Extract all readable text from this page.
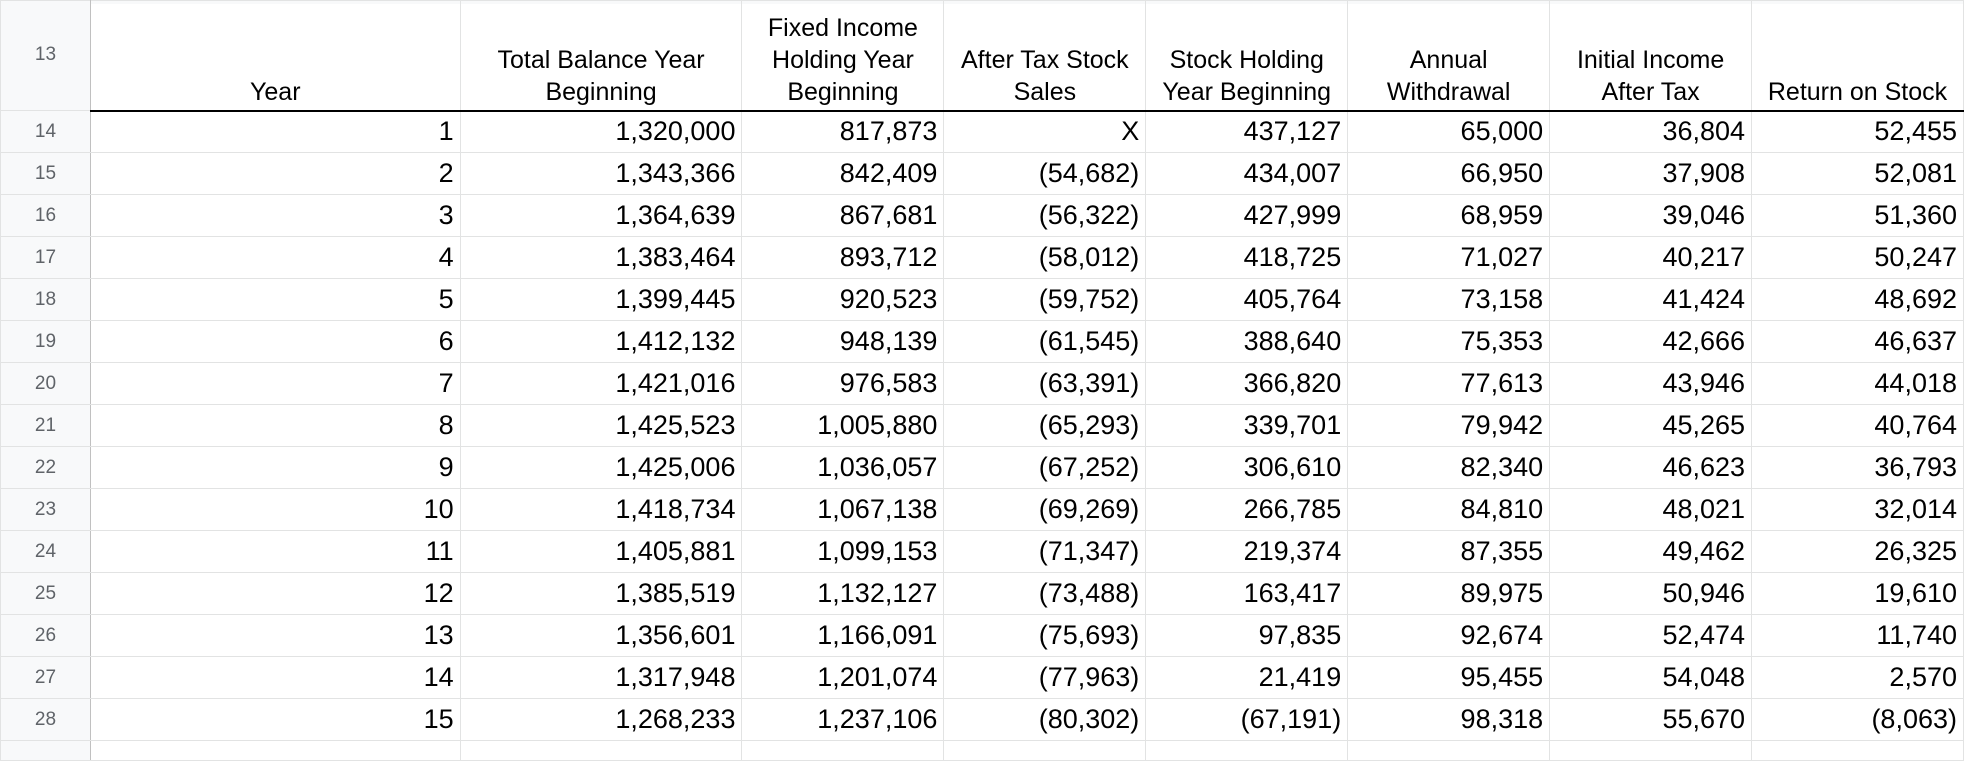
13	Year	Total Balance Year Beginning	Fixed Income Holding Year Beginning	After Tax Stock Sales	Stock Holding Year Beginning	Annual Withdrawal	Initial Income After Tax	Return on Stock
14	1	1,320,000	817,873	X	437,127	65,000	36,804	52,455
15	2	1,343,366	842,409	(54,682)	434,007	66,950	37,908	52,081
16	3	1,364,639	867,681	(56,322)	427,999	68,959	39,046	51,360
17	4	1,383,464	893,712	(58,012)	418,725	71,027	40,217	50,247
18	5	1,399,445	920,523	(59,752)	405,764	73,158	41,424	48,692
19	6	1,412,132	948,139	(61,545)	388,640	75,353	42,666	46,637
20	7	1,421,016	976,583	(63,391)	366,820	77,613	43,946	44,018
21	8	1,425,523	1,005,880	(65,293)	339,701	79,942	45,265	40,764
22	9	1,425,006	1,036,057	(67,252)	306,610	82,340	46,623	36,793
23	10	1,418,734	1,067,138	(69,269)	266,785	84,810	48,021	32,014
24	11	1,405,881	1,099,153	(71,347)	219,374	87,355	49,462	26,325
25	12	1,385,519	1,132,127	(73,488)	163,417	89,975	50,946	19,610
26	13	1,356,601	1,166,091	(75,693)	97,835	92,674	52,474	11,740
27	14	1,317,948	1,201,074	(77,963)	21,419	95,455	54,048	2,570
28	15	1,268,233	1,237,106	(80,302)	(67,191)	98,318	55,670	(8,063)
